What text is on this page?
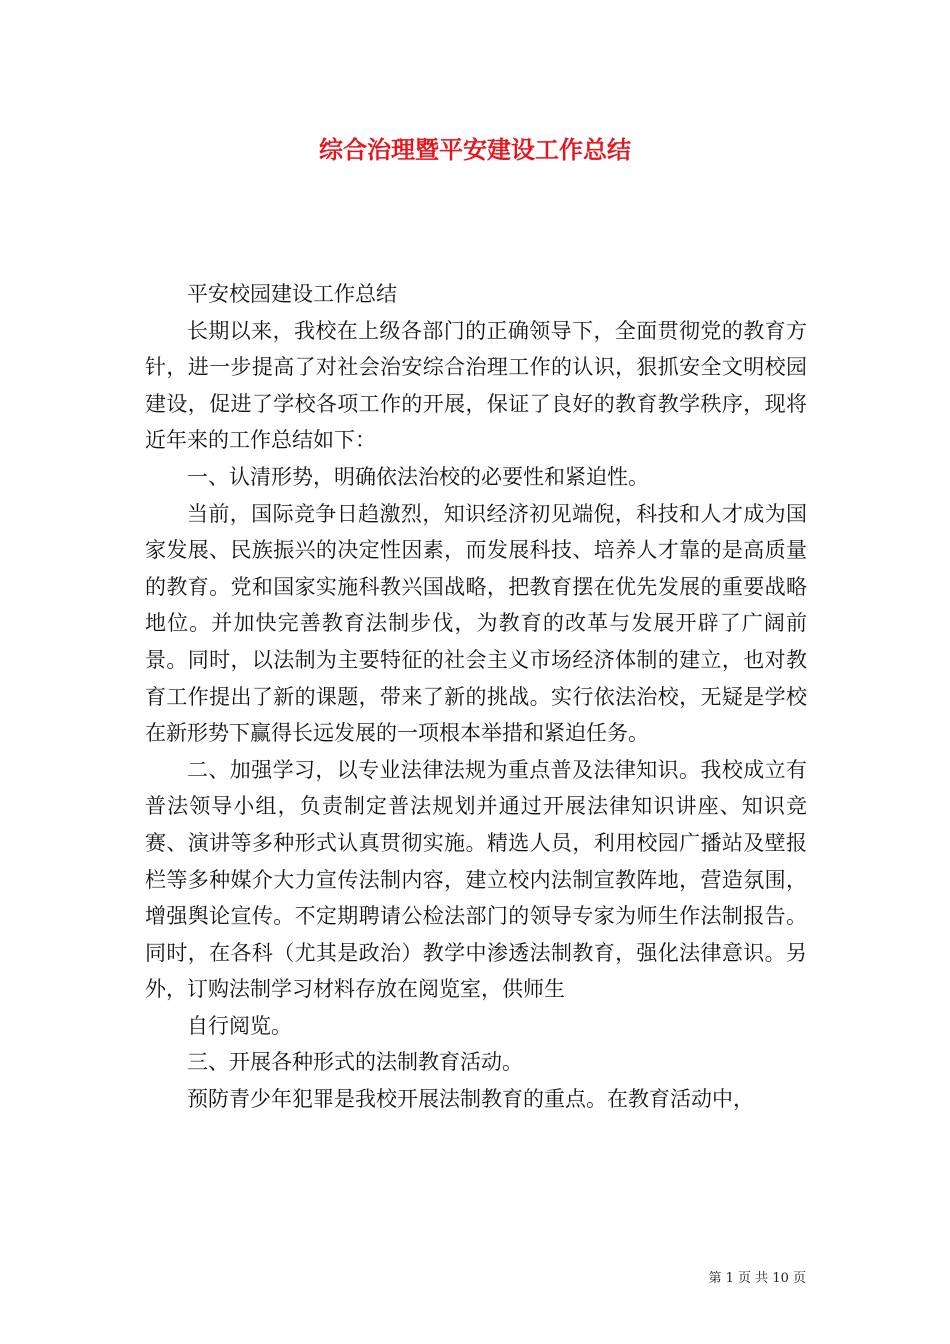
综合治理暨平安建设工作总结

平安校园建设工作总结

长期以来，我校在上级各部门的正确领导下，全面贯彻党的教育方针，进一步提高了对社会治安综合治理工作的认识，狠抓安全文明校园建设，促进了学校各项工作的开展，保证了良好的教育教学秩序，现将近年来的工作总结如下：

一、认清形势，明确依法治校的必要性和紧迫性。

当前，国际竞争日趋激烈，知识经济初见端倪，科技和人才成为国家发展、民族振兴的决定性因素，而发展科技、培养人才靠的是高质量的教育。党和国家实施科教兴国战略，把教育摆在优先发展的重要战略地位。并加快完善教育法制步伐，为教育的改革与发展开辟了广阔前景。同时，以法制为主要特征的社会主义市场经济体制的建立，也对教育工作提出了新的课题，带来了新的挑战。实行依法治校，无疑是学校在新形势下赢得长远发展的一项根本举措和紧迫任务。

二、加强学习，以专业法律法规为重点普及法律知识。我校成立有普法领导小组，负责制定普法规划并通过开展法律知识讲座、知识竞赛、演讲等多种形式认真贯彻实施。精选人员，利用校园广播站及壁报栏等多种媒介大力宣传法制内容，建立校内法制宣教阵地，营造氛围，增强舆论宣传。不定期聘请公检法部门的领导专家为师生作法制报告。同时，在各科（尤其是政治）教学中渗透法制教育，强化法律意识。另外，订购法制学习材料存放在阅览室，供师生

自行阅览。

三、开展各种形式的法制教育活动。

预防青少年犯罪是我校开展法制教育的重点。在教育活动中，

第 1 页 共 10 页
